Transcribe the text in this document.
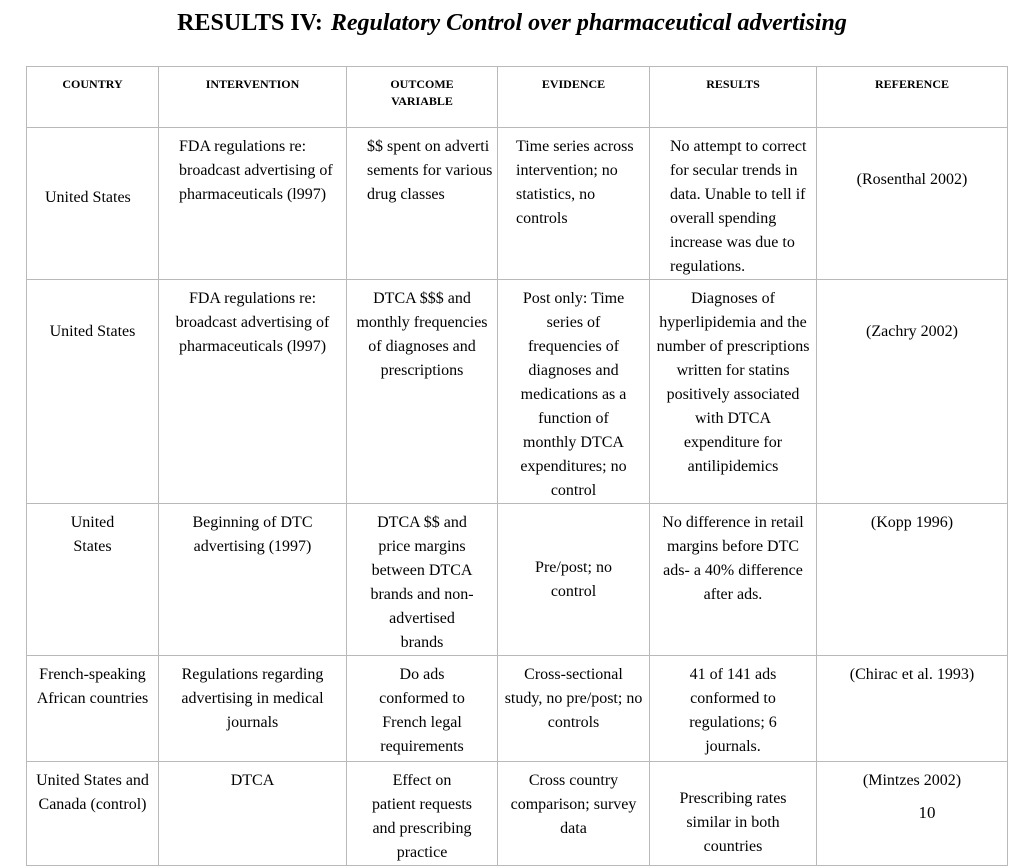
RESULTS IV: Regulatory Control over pharmaceutical advertising
COUNTRY	INTERVENTION	OUTCOME VARIABLE	EVIDENCE	RESULTS	REFERENCE
United States	FDA regulations re: broadcast advertising of pharmaceuticals (l997)	$$ spent on advertisements for various drug classes	Time series across intervention; no statistics, no controls	No attempt to correct for secular trends in data. Unable to tell if overall spending increase was due to regulations.	(Rosenthal 2002)
United States	FDA regulations re: broadcast advertising of pharmaceuticals (l997)	DTCA $$$ and monthly frequencies of diagnoses and prescriptions	Post only: Time series of frequencies of diagnoses and medications as a function of monthly DTCA expenditures; no control	Diagnoses of hyperlipidemia and the number of prescriptions written for statins positively associated with DTCA expenditure for antilipidemics	(Zachry 2002)
United States	Beginning of DTC advertising (1997)	DTCA $$ and price margins between DTCA brands and non-advertised brands	Pre/post; no control	No difference in retail margins before DTC ads- a 40% difference after ads.	(Kopp 1996)
French-speaking African countries	Regulations regarding advertising in medical journals	Do ads conformed to French legal requirements	Cross-sectional study, no pre/post; no controls	41 of 141 ads conformed to regulations; 6 journals.	(Chirac et al. 1993)
United States and Canada (control)	DTCA	Effect on patient requests and prescribing practice	Cross country comparison; survey data	Prescribing rates similar in both countries	(Mintzes 2002)
10
